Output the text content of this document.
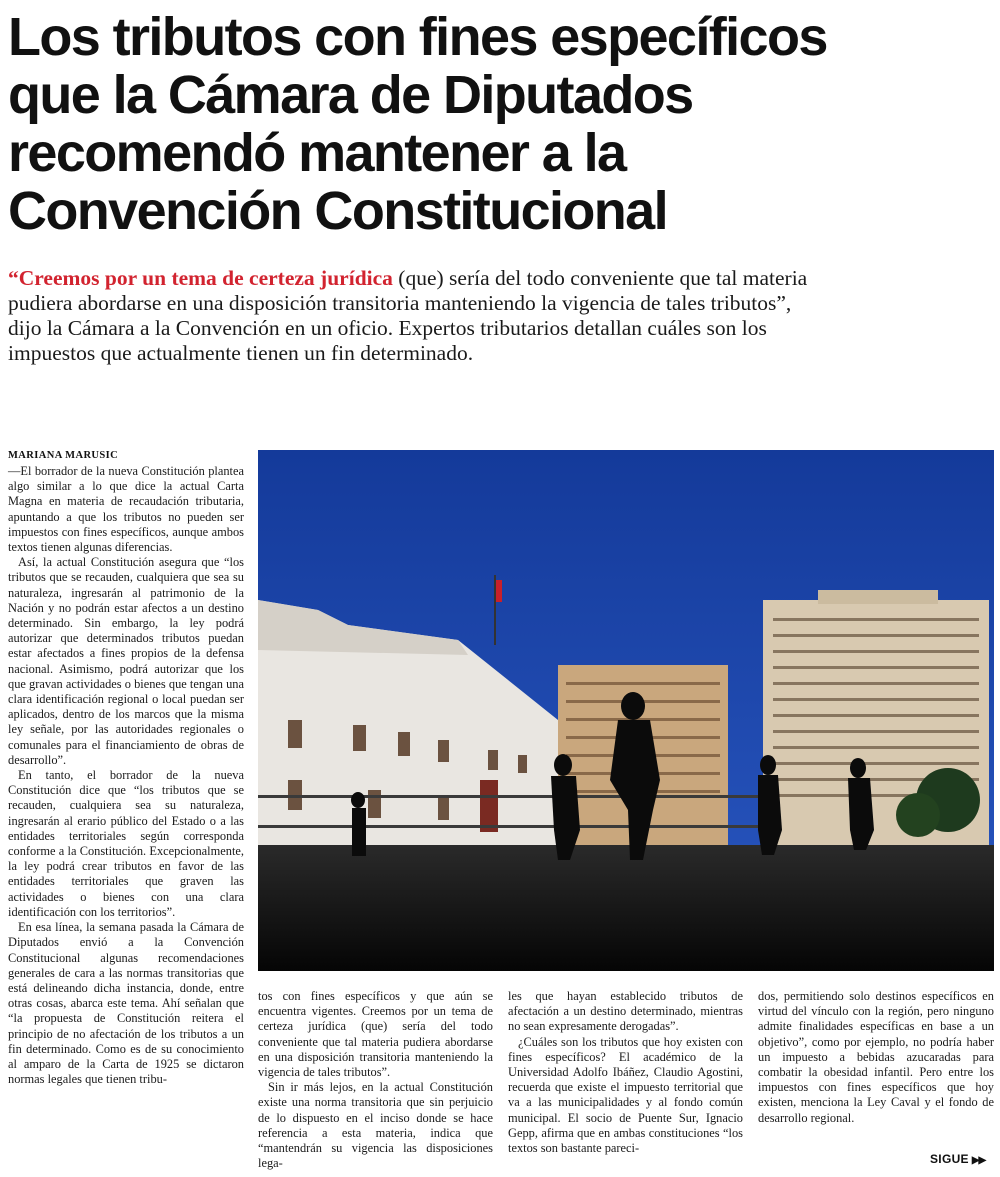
Los tributos con fines específicos
que la Cámara de Diputados
recomendó mantener a la
Convención Constitucional
“Creemos por un tema de certeza jurídica (que) sería del todo conveniente que tal materia pudiera abordarse en una disposición transitoria manteniendo la vigencia de tales tributos”, dijo la Cámara a la Convención en un oficio. Expertos tributarios detallan cuáles son los impuestos que actualmente tienen un fin determinado.
MARIANA MARUSIC

—El borrador de la nueva Constitución plantea algo similar a lo que dice la actual Carta Magna en materia de recaudación tributaria, apuntando a que los tributos no pueden ser impuestos con fines específicos, aunque ambos textos tienen algunas diferencias.

Así, la actual Constitución asegura que “los tributos que se recauden, cualquiera que sea su naturaleza, ingresarán al patrimonio de la Nación y no podrán estar afectos a un destino determinado. Sin embargo, la ley podrá autorizar que determinados tributos puedan estar afectados a fines propios de la defensa nacional. Asimismo, podrá autorizar que los que gravan actividades o bienes que tengan una clara identificación regional o local puedan ser aplicados, dentro de los marcos que la misma ley señale, por las autoridades regionales o comunales para el financiamiento de obras de desarrollo”.

En tanto, el borrador de la nueva Constitución dice que “los tributos que se recauden, cualquiera sea su naturaleza, ingresarán al erario público del Estado o a las entidades territoriales según corresponda conforme a la Constitución. Excepcionalmente, la ley podrá crear tributos en favor de las entidades territoriales que graven las actividades o bienes con una clara identificación con los territorios”.

En esa línea, la semana pasada la Cámara de Diputados envió a la Convención Constitucional algunas recomendaciones generales de cara a las normas transitorias que está delineando dicha instancia, donde, entre otras cosas, abarca este tema. Ahí señalan que “la propuesta de Constitución reitera el principio de no afectación de los tributos a un fin determinado. Como es de su conocimiento al amparo de la Carta de 1925 se dictaron normas legales que tienen tribu-

tos con fines específicos y que aún se encuentra vigentes. Creemos por un tema de certeza jurídica (que) sería del todo conveniente que tal materia pudiera abordarse en una disposición transitoria manteniendo la vigencia de tales tributos”.

Sin ir más lejos, en la actual Constitución existe una norma transitoria que sin perjuicio de lo dispuesto en el inciso donde se hace referencia a esta materia, indica que “mantendrán su vigencia las disposiciones lega-

les que hayan establecido tributos de afectación a un destino determinado, mientras no sean expresamente derogadas”.

¿Cuáles son los tributos que hoy existen con fines específicos? El académico de la Universidad Adolfo Ibáñez, Claudio Agostini, recuerda que existe el impuesto territorial que va a las municipalidades y al fondo común municipal. El socio de Puente Sur, Ignacio Gepp, afirma que en ambas constituciones “los textos son bastante pareci-

dos, permitiendo solo destinos específicos en virtud del vínculo con la región, pero ninguno admite finalidades específicas en base a un objetivo”, como por ejemplo, no podría haber un impuesto a bebidas azucaradas para combatir la obesidad infantil. Pero entre los impuestos con fines específicos que hoy existen, menciona la Ley Caval y el fondo de desarrollo regional.

SIGUE ▶▶
